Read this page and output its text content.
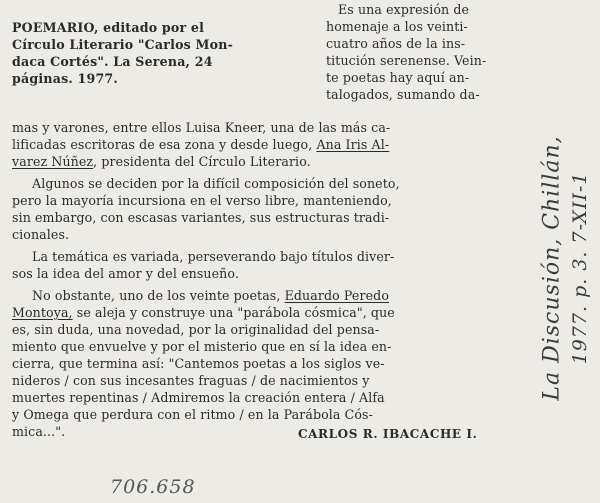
POEMARIO, editado por el
Círculo Literario "Carlos Mon-
daca Cortés". La Serena, 24
páginas. 1977.
Es una expresión de
homenaje a los veinti-
cuatro años de la ins-
titución serenense. Vein-
te poetas hay aquí an-
talogados, sumando da-
mas y varones, entre ellos Luisa Kneer, una de las más ca-
lificadas escritoras de esa zona y desde luego, Ana Iris Al-
varez Núñez, presidenta del Círculo Literario.
Algunos se deciden por la difícil composición del soneto,
pero la mayoría incursiona en el verso libre, manteniendo,
sin embargo, con escasas variantes, sus estructuras tradi-
cionales.
La temática es variada, perseverando bajo títulos diver-
sos la idea del amor y del ensueño.
No obstante, uno de los veinte poetas, Eduardo Peredo
Montoya, se aleja y construye una "parábola cósmica", que
es, sin duda, una novedad, por la originalidad del pensa-
miento que envuelve y por el misterio que en sí la idea en-
cierra, que termina así: "Cantemos poetas a los siglos ve-
nideros / con sus incesantes fraguas / de nacimientos y
muertes repentinas / Admiremos la creación entera / Alfa
y Omega que perdura con el ritmo / en la Parábola Cós-
mica...".	CARLOS R. IBACACHE I.
706.658
La Discusión, Chillán, 1977. p. 3. 7-XII-1
